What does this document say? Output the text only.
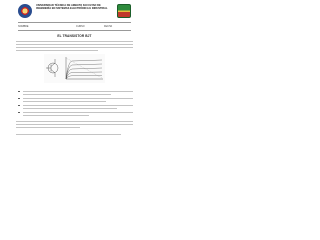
UNIVERSIDAD TÉCNICA DE AMBATO FACULTAD DE INGENIERÍA EN SISTEMAS ELECTRÓNICA E INDUSTRIAL
NOMBRE	CURSO	FECHA
EL TRANSISTOR BJT
